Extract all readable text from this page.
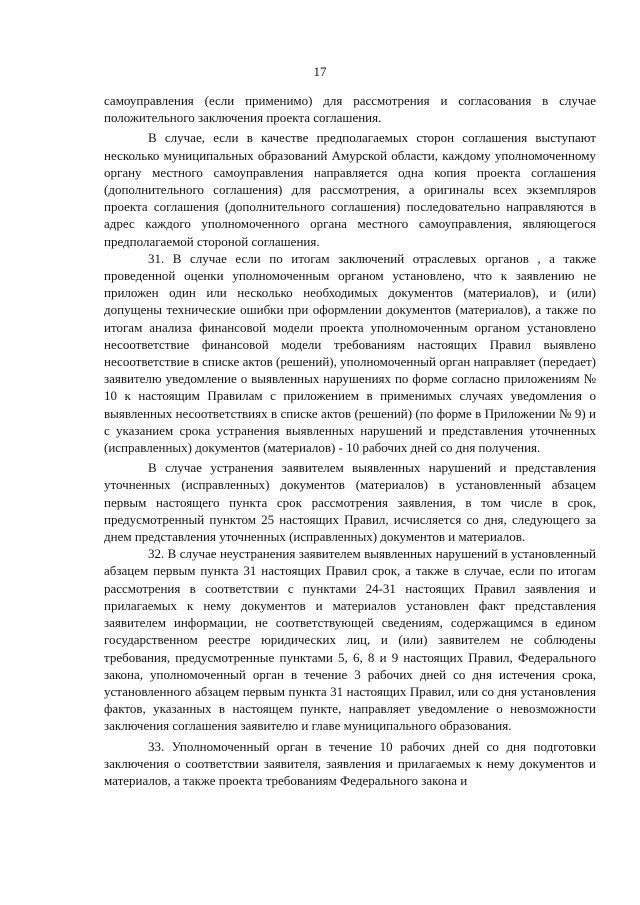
17

самоуправления (если применимо) для рассмотрения и согласования в случае положительного заключения проекта соглашения.

В случае, если в качестве предполагаемых сторон соглашения выступают несколько муниципальных образований Амурской области, каждому уполномоченному органу местного самоуправления направляется одна копия проекта соглашения (дополнительного соглашения) для рассмотрения, а оригиналы всех экземпляров проекта соглашения (дополнительного соглашения) последовательно направляются в адрес каждого уполномоченного органа местного самоуправления, являющегося предполагаемой стороной соглашения.

31. В случае если по итогам заключений отраслевых органов , а также проведенной оценки уполномоченным органом установлено, что к заявлению не приложен один или несколько необходимых документов (материалов), и (или) допущены технические ошибки при оформлении документов (материалов), а также по итогам анализа финансовой модели проекта уполномоченным органом установлено несоответствие финансовой модели требованиям настоящих Правил выявлено несоответствие в списке актов (решений), уполномоченный орган направляет (передает) заявителю уведомление о выявленных нарушениях по форме согласно приложениям № 10 к настоящим Правилам с приложением в применимых случаях уведомления о выявленных несоответствиях в списке актов (решений) (по форме в Приложении № 9) и с указанием срока устранения выявленных нарушений и представления уточненных (исправленных) документов (материалов) - 10 рабочих дней со дня получения.

В случае устранения заявителем выявленных нарушений и представления уточненных (исправленных) документов (материалов) в установленный абзацем первым настоящего пункта срок рассмотрения заявления, в том числе в срок, предусмотренный пунктом 25 настоящих Правил, исчисляется со дня, следующего за днем представления уточненных (исправленных) документов и материалов.

32. В случае неустранения заявителем выявленных нарушений в установленный абзацем первым пункта 31 настоящих Правил срок, а также в случае, если по итогам рассмотрения в соответствии с пунктами 24-31 настоящих Правил заявления и прилагаемых к нему документов и материалов установлен факт представления заявителем информации, не соответствующей сведениям, содержащимся в едином государственном реестре юридических лиц, и (или) заявителем не соблюдены требования, предусмотренные пунктами 5, 6, 8 и 9 настоящих Правил, Федерального закона, уполномоченный орган в течение 3 рабочих дней со дня истечения срока, установленного абзацем первым пункта 31 настоящих Правил, или со дня установления фактов, указанных в настоящем пункте, направляет уведомление о невозможности заключения соглашения заявителю и главе муниципального образования.

33. Уполномоченный орган в течение 10 рабочих дней со дня подготовки заключения о соответствии заявителя, заявления и прилагаемых к нему документов и материалов, а также проекта требованиям Федерального закона и
